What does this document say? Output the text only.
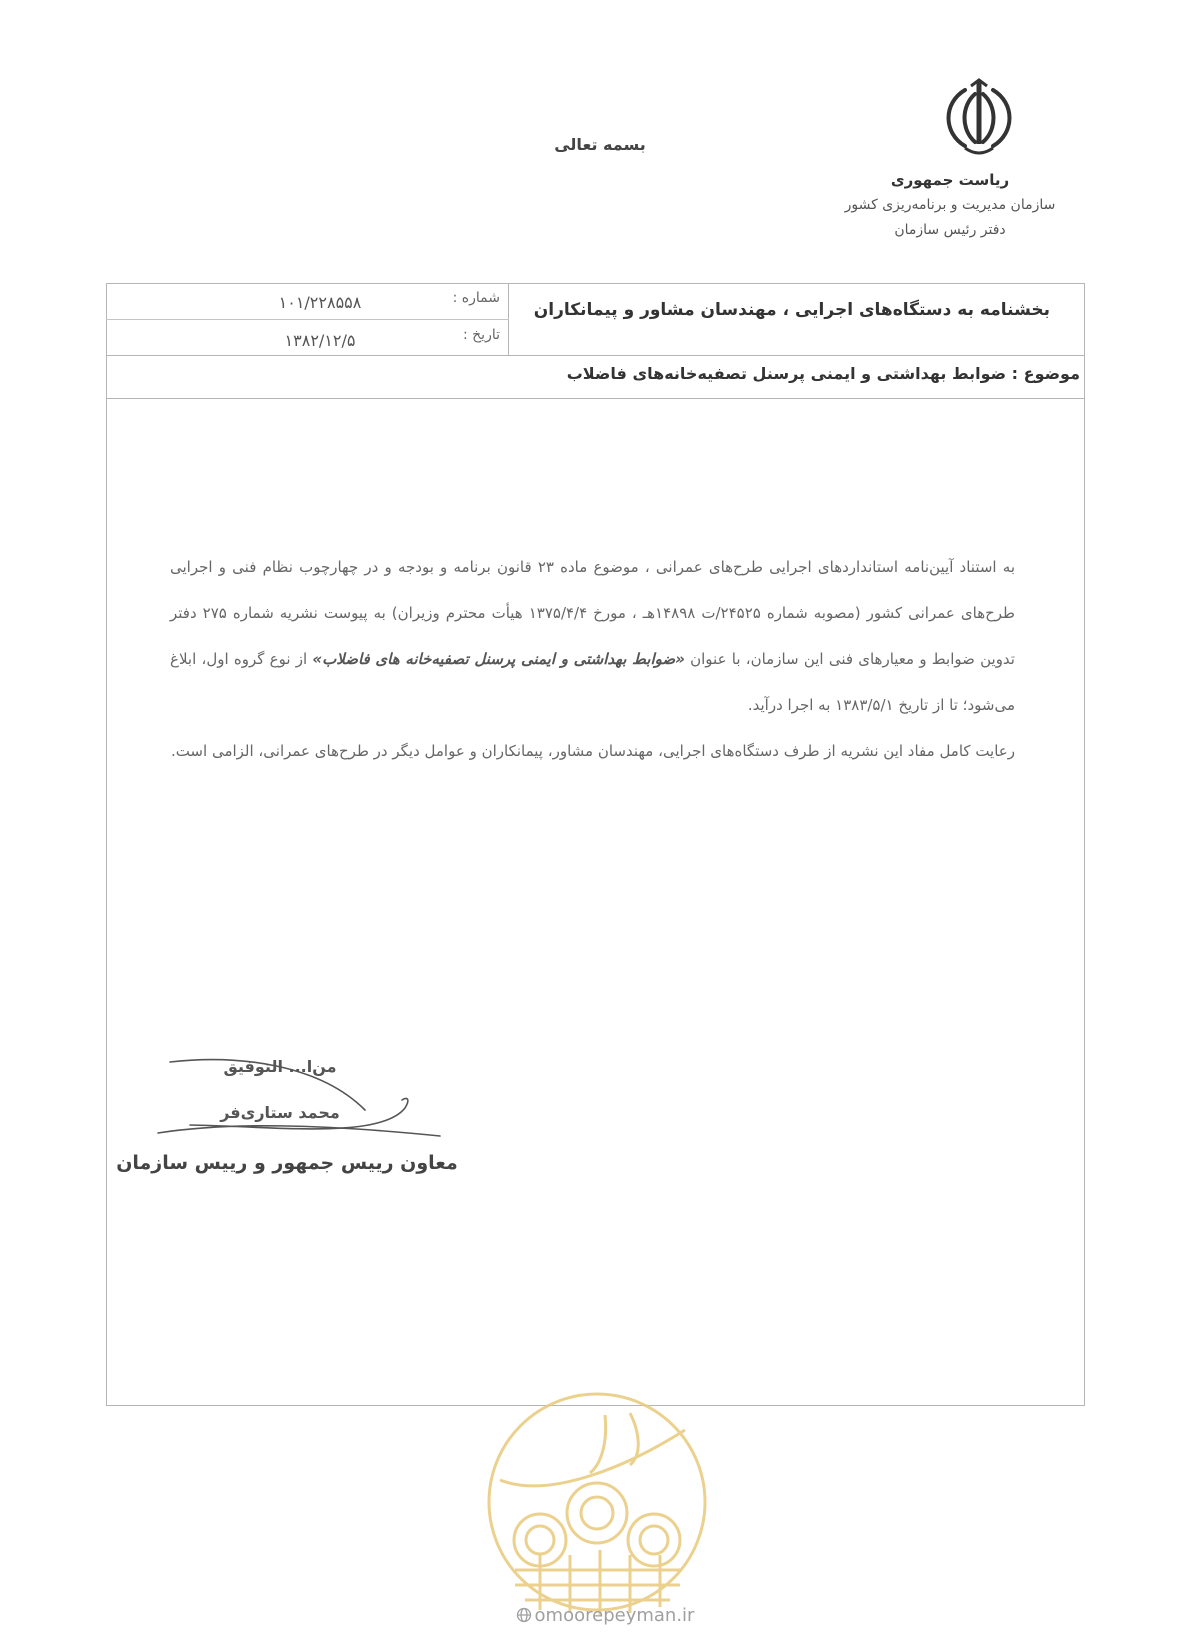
بسمه تعالی
ریاست جمهوری
سازمان مدیریت و برنامه‌ریزی کشور
دفتر رئیس سازمان
شماره :
۱۰۱/۲۲۸۵۵۸
تاریخ :
۱۳۸۲/۱۲/۵
بخشنامه به دستگاه‌های اجرایی ، مهندسان مشاور و پیمانکاران
موضوع : ضوابط بهداشتی و ایمنی پرسنل تصفیه‌خانه‌های فاضلاب

به استناد آیین‌نامه استانداردهای اجرایی طرح‌های عمرانی ، موضوع ماده ۲۳ قانون برنامه و بودجه و در چهارچوب نظام فنی و اجرایی طرح‌های عمرانی کشور (مصوبه شماره ۲۴۵۲۵/ت ۱۴۸۹۸هـ ، مورخ ۱۳۷۵/۴/۴ هیأت محترم وزیران) به پیوست نشریه شماره ۲۷۵ دفتر تدوین ضوابط و معیارهای فنی این سازمان، با عنوان «ضوابط بهداشتی و ایمنی پرسنل تصفیه‌خانه های فاضلاب» از نوع گروه اول، ابلاغ می‌شود؛ تا از تاریخ ۱۳۸۳/۵/۱ به اجرا درآید.

رعایت کامل مفاد این نشریه از طرف دستگاه‌های اجرایی، مهندسان مشاور، پیمانکاران و عوامل دیگر در طرح‌های عمرانی، الزامی است.

من‌ا... التوفیق
محمد ستاری‌فر
معاون رییس جمهور و رییس سازمان
omoorepeyman.ir
